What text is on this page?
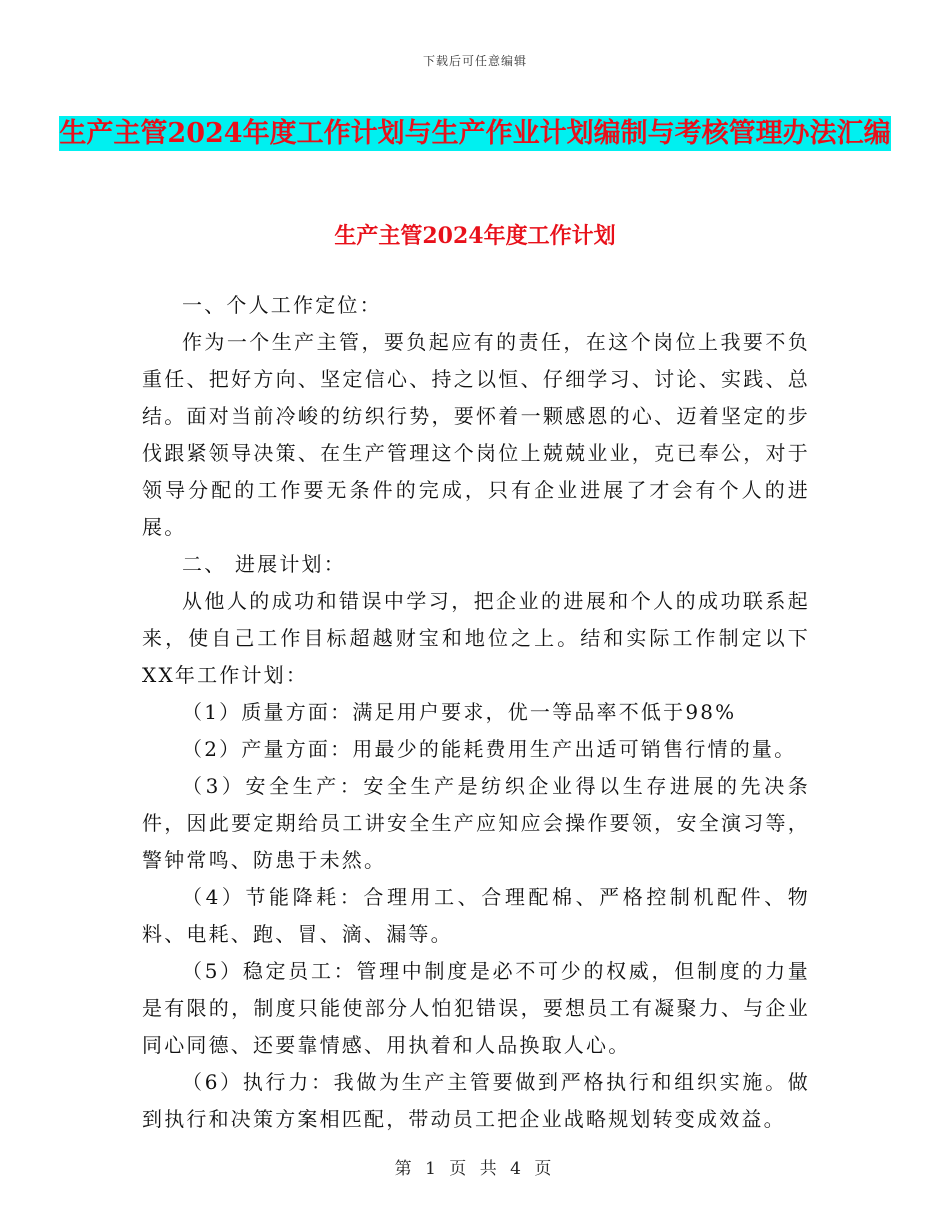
下载后可任意编辑
生产主管2024年度工作计划与生产作业计划编制与考核管理办法汇编
生产主管2024年度工作计划

一、个人工作定位：

作为一个生产主管，要负起应有的责任，在这个岗位上我要不负重任、把好方向、坚定信心、持之以恒、仔细学习、讨论、实践、总结。面对当前冷峻的纺织行势，要怀着一颗感恩的心、迈着坚定的步伐跟紧领导决策、在生产管理这个岗位上兢兢业业，克已奉公，对于领导分配的工作要无条件的完成，只有企业进展了才会有个人的进展。

二、 进展计划：

从他人的成功和错误中学习，把企业的进展和个人的成功联系起来，使自己工作目标超越财宝和地位之上。结和实际工作制定以下XX年工作计划：

（1）质量方面：满足用户要求，优一等品率不低于98%

（2）产量方面：用最少的能耗费用生产出适可销售行情的量。

（3）安全生产：安全生产是纺织企业得以生存进展的先决条件，因此要定期给员工讲安全生产应知应会操作要领，安全演习等，警钟常鸣、防患于未然。

（4）节能降耗：合理用工、合理配棉、严格控制机配件、物料、电耗、跑、冒、滴、漏等。

（5）稳定员工：管理中制度是必不可少的权威，但制度的力量是有限的，制度只能使部分人怕犯错误，要想员工有凝聚力、与企业同心同德、还要靠情感、用执着和人品换取人心。

（6）执行力：我做为生产主管要做到严格执行和组织实施。做到执行和决策方案相匹配，带动员工把企业战略规划转变成效益。

第 1 页 共 4 页
